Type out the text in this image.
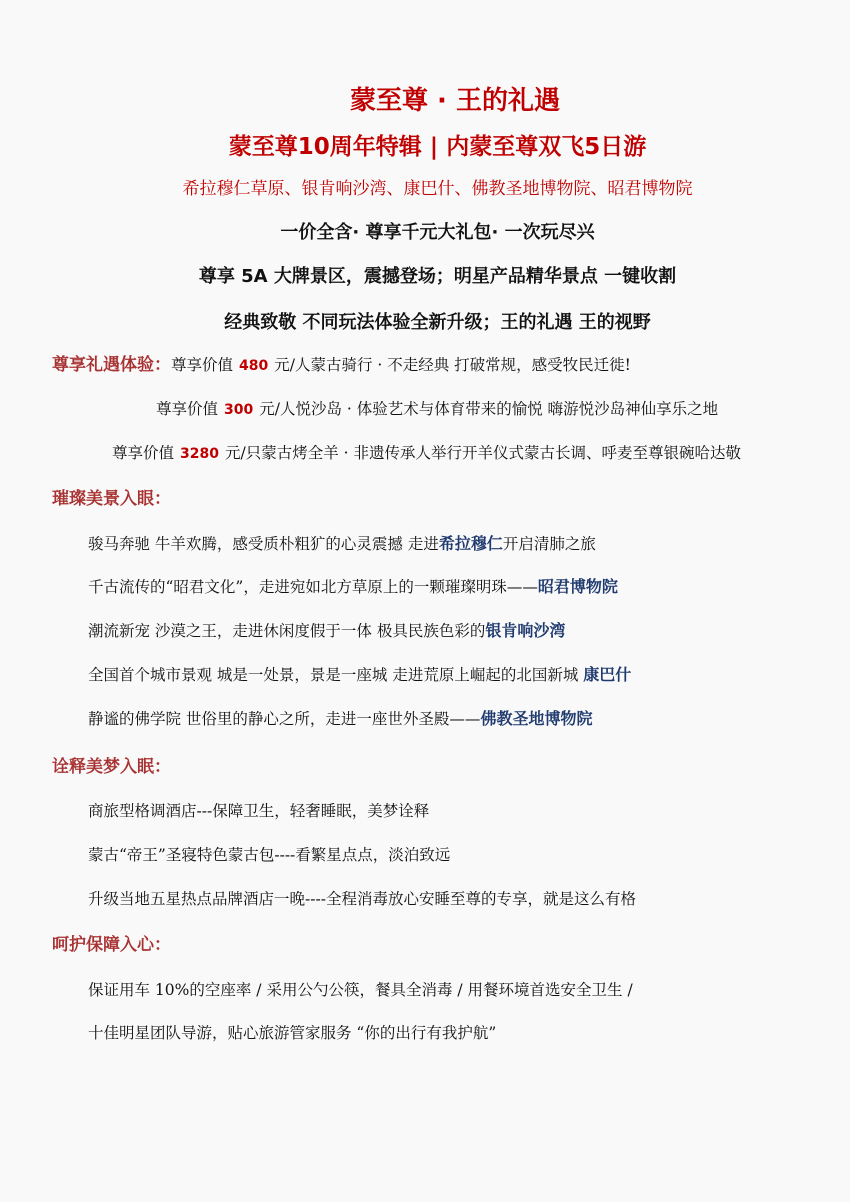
蒙至尊 · 王的礼遇
蒙至尊10周年特辑 | 内蒙至尊双飞5日游
希拉穆仁草原、银肯响沙湾、康巴什、佛教圣地博物院、昭君博物院
一价全含· 尊享千元大礼包· 一次玩尽兴
尊享 5A 大牌景区，震撼登场；明星产品精华景点 一键收割
经典致敬 不同玩法体验全新升级；王的礼遇 王的视野
尊享礼遇体验：尊享价值 480 元/人蒙古骑行 · 不走经典 打破常规，感受牧民迁徙!
尊享价值 300 元/人悦沙岛 · 体验艺术与体育带来的愉悦 嗨游悦沙岛神仙享乐之地
尊享价值 3280 元/只蒙古烤全羊 · 非遗传承人举行开羊仪式蒙古长调、呼麦至尊银碗哈达敬
璀璨美景入眼：
骏马奔驰 牛羊欢腾，感受质朴粗犷的心灵震撼 走进希拉穆仁开启清肺之旅
千古流传的“昭君文化”，走进宛如北方草原上的一颗璀璨明珠——昭君博物院
潮流新宠 沙漠之王，走进休闲度假于一体 极具民族色彩的银肯响沙湾
全国首个城市景观 城是一处景，景是一座城 走进荒原上崛起的北国新城 康巴什
静谧的佛学院 世俗里的静心之所，走进一座世外圣殿——佛教圣地博物院
诠释美梦入眠：
商旅型格调酒店---保障卫生，轻奢睡眠，美梦诠释
蒙古“帝王”圣寝特色蒙古包----看繁星点点，淡泊致远
升级当地五星热点品牌酒店一晚----全程消毒放心安睡至尊的专享，就是这么有格
呵护保障入心：
保证用车 10%的空座率 / 采用公勺公筷，餐具全消毒 / 用餐环境首选安全卫生 /
十佳明星团队导游，贴心旅游管家服务 “你的出行有我护航”
